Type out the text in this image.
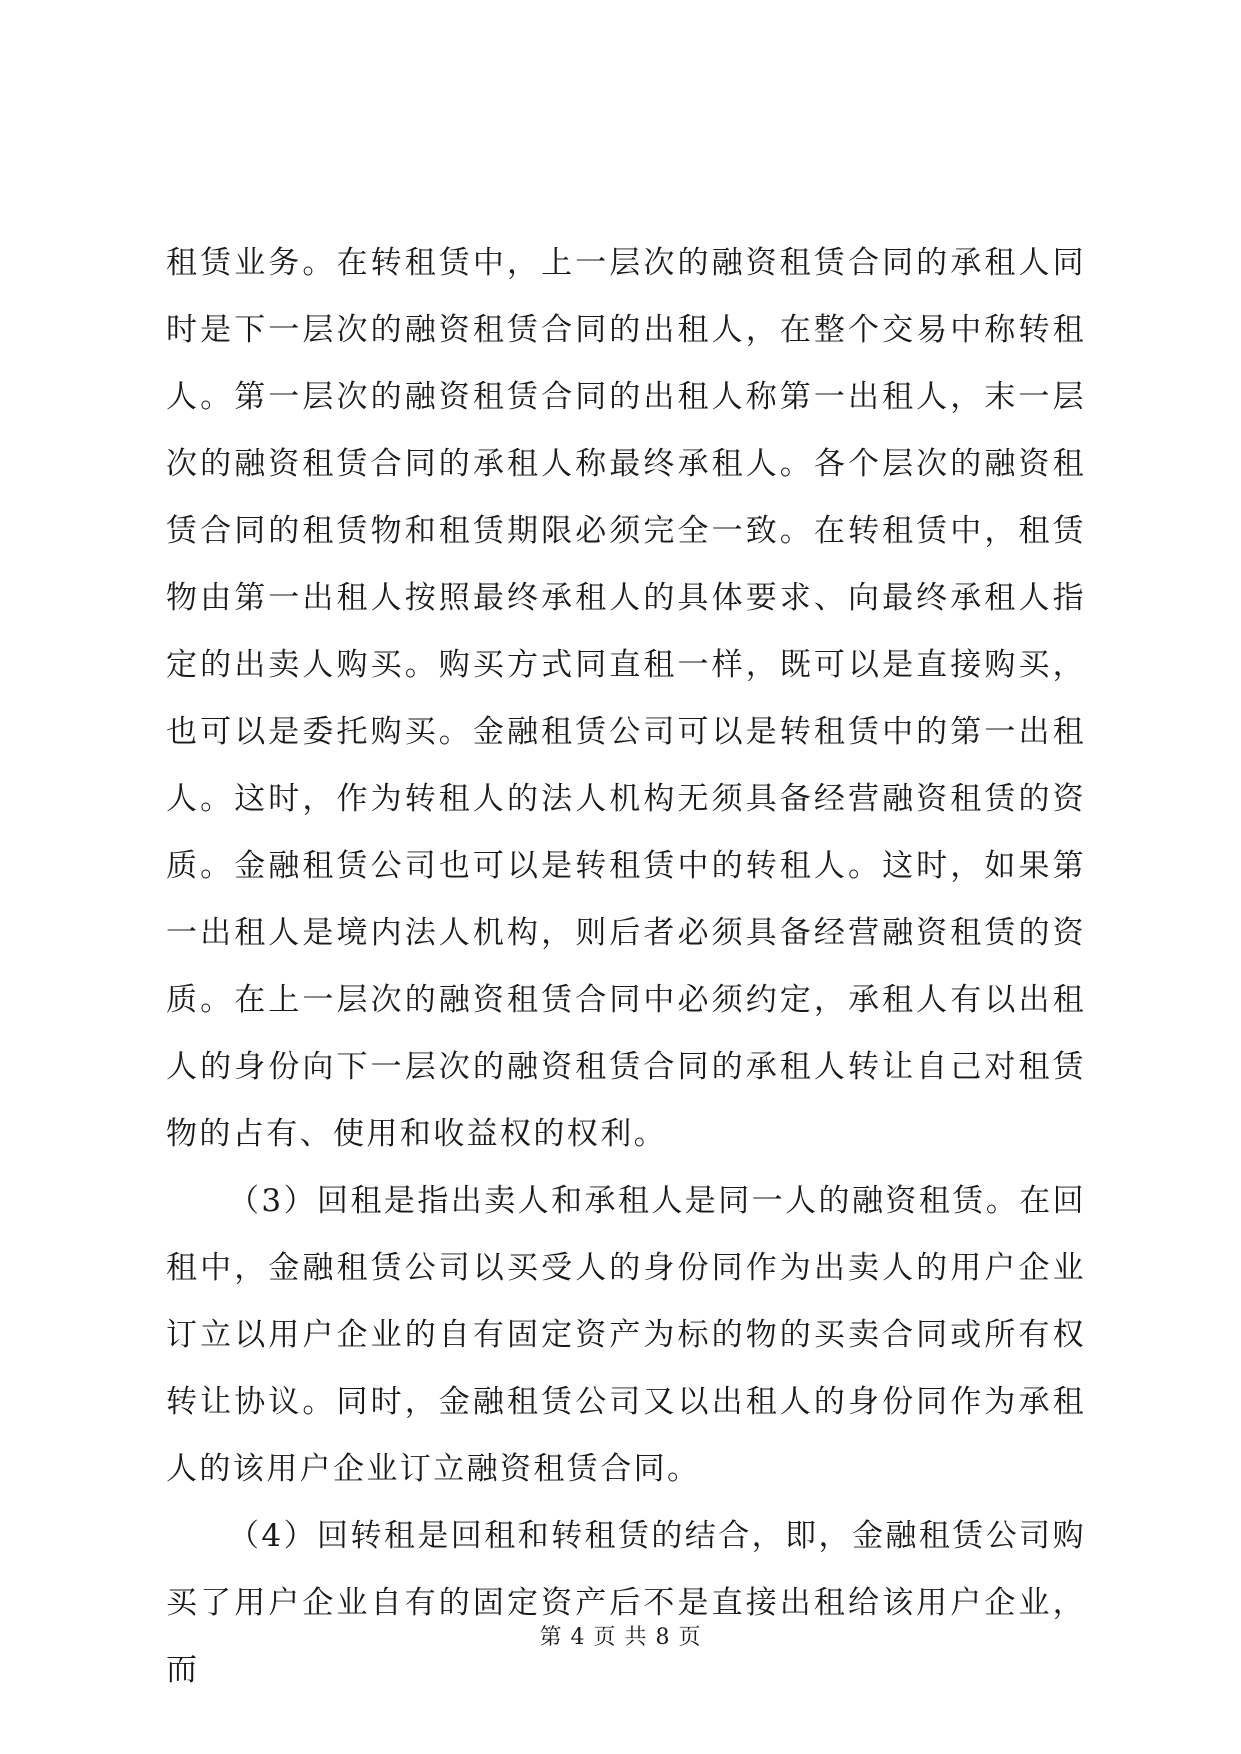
租赁业务。在转租赁中，上一层次的融资租赁合同的承租人同时是下一层次的融资租赁合同的出租人，在整个交易中称转租人。第一层次的融资租赁合同的出租人称第一出租人，末一层次的融资租赁合同的承租人称最终承租人。各个层次的融资租赁合同的租赁物和租赁期限必须完全一致。在转租赁中，租赁物由第一出租人按照最终承租人的具体要求、向最终承租人指定的出卖人购买。购买方式同直租一样，既可以是直接购买，也可以是委托购买。金融租赁公司可以是转租赁中的第一出租人。这时，作为转租人的法人机构无须具备经营融资租赁的资质。金融租赁公司也可以是转租赁中的转租人。这时，如果第一出租人是境内法人机构，则后者必须具备经营融资租赁的资质。在上一层次的融资租赁合同中必须约定，承租人有以出租人的身份向下一层次的融资租赁合同的承租人转让自己对租赁物的占有、使用和收益权的权利。

（3）回租是指出卖人和承租人是同一人的融资租赁。在回租中，金融租赁公司以买受人的身份同作为出卖人的用户企业订立以用户企业的自有固定资产为标的物的买卖合同或所有权转让协议。同时，金融租赁公司又以出租人的身份同作为承租人的该用户企业订立融资租赁合同。

（4）回转租是回租和转租赁的结合，即，金融租赁公司购买了用户企业自有的固定资产后不是直接出租给该用户企业，而

第 4 页 共 8 页
